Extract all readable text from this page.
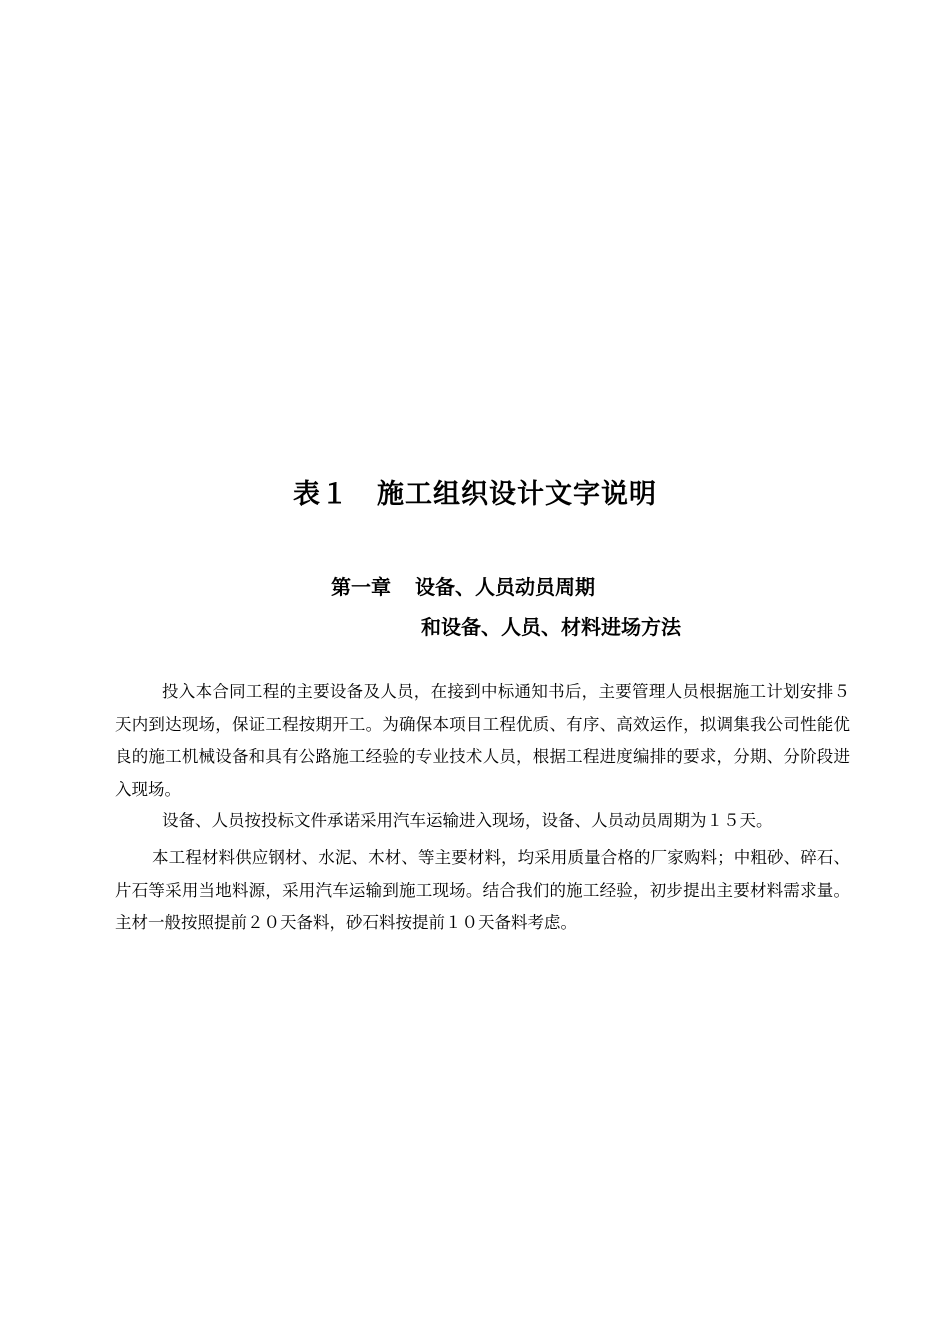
表１　施工组织设计文字说明
第一章 设备、人员动员周期
和设备、人员、材料进场方法
投入本合同工程的主要设备及人员，在接到中标通知书后，主要管理人员根据施工计划安排５天内到达现场，保证工程按期开工。为确保本项目工程优质、有序、高效运作，拟调集我公司性能优良的施工机械设备和具有公路施工经验的专业技术人员，根据工程进度编排的要求，分期、分阶段进入现场。
设备、人员按投标文件承诺采用汽车运输进入现场，设备、人员动员周期为１５天。
本工程材料供应钢材、水泥、木材、等主要材料，均采用质量合格的厂家购料；中粗砂、碎石、片石等采用当地料源，采用汽车运输到施工现场。结合我们的施工经验，初步提出主要材料需求量。主材一般按照提前２０天备料，砂石料按提前１０天备料考虑。
